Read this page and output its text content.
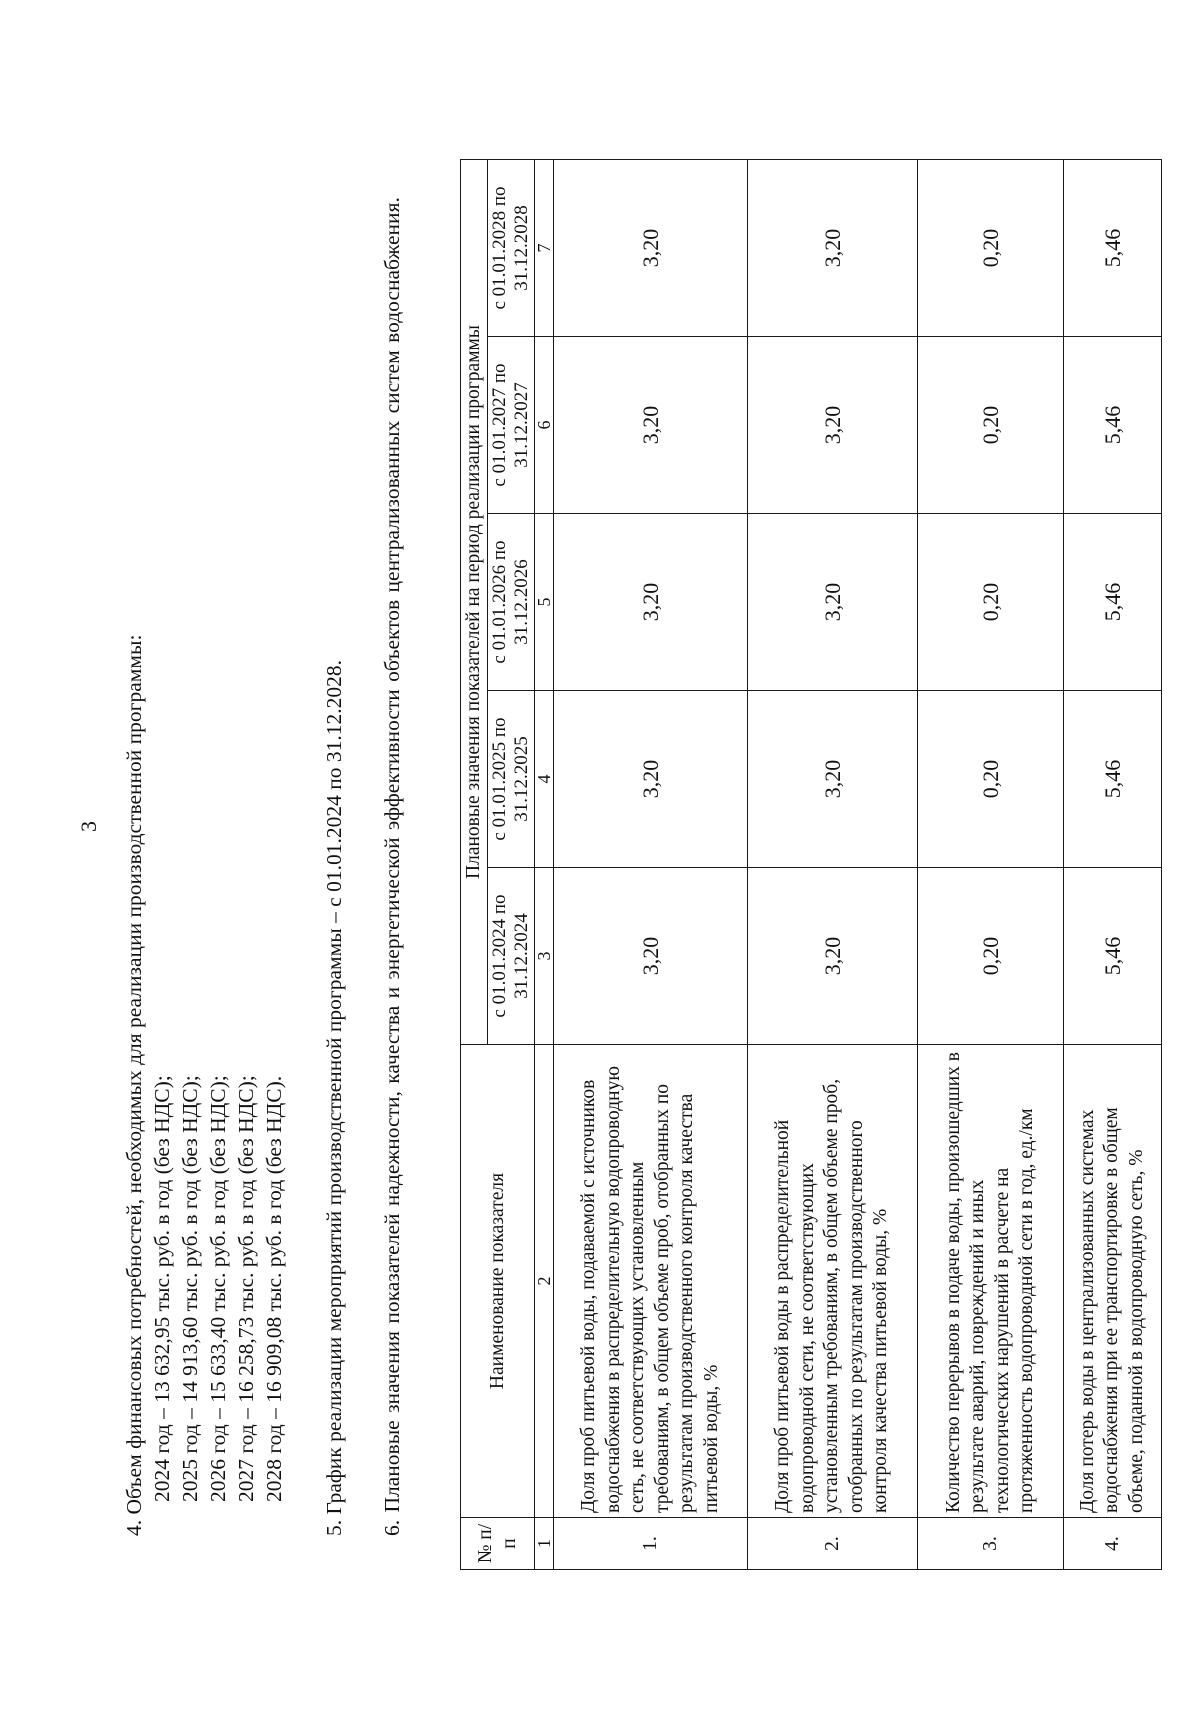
3 4. Объем финансовых потребностей, необходимых для реализации производственной программы: 2024 год – 13 632,95 тыс. руб. в год (без НДС); 2025 год – 14 913,60 тыс. руб. в год (без НДС); 2026 год – 15 633,40 тыс. руб. в год (без НДС); 2027 год – 16 258,73 тыс. руб. в год (без НДС); 2028 год – 16 909,08 тыс. руб. в год (без НДС). 5. График реализации мероприятий производственной программы – с 01.01.2024 по 31.12.2028. 6. Плановые значения показателей надежности, качества и энергетической эффективности объектов централизованных систем водоснабжения.
№ п/п	Наименование показателя	Плановые значения показателей на период реализации программы				
		с 01.01.2024 по 31.12.2024	с 01.01.2025 по 31.12.2025	с 01.01.2026 по 31.12.2026	с 01.01.2027 по 31.12.2027	с 01.01.2028 по 31.12.2028
1	2	3	4	5	6	7
1.	Доля проб питьевой воды, подаваемой с источников водоснабжения в распределительную водопроводную сеть, не соответствующих установленным требованиям, в общем объеме проб, отобранных по результатам производственного контроля качества питьевой воды, %	3,20	3,20	3,20	3,20	3,20
2.	Доля проб питьевой воды в распределительной водопроводной сети, не соответствующих установленным требованиям, в общем объеме проб, отобранных по результатам производственного контроля качества питьевой воды, %	3,20	3,20	3,20	3,20	3,20
3.	Количество перерывов в подаче воды, произошедших в результате аварий, повреждений и иных технологических нарушений в расчете на протяженность водопроводной сети в год, ед./км	0,20	0,20	0,20	0,20	0,20
4.	Доля потерь воды в централизованных системах водоснабжения при ее транспортировке в общем объеме, поданной в водопроводную сеть, %	5,46	5,46	5,46	5,46	5,46
